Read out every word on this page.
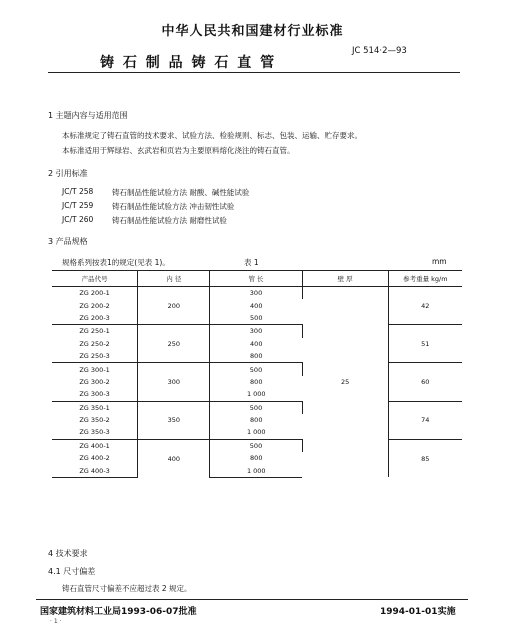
中华人民共和国建材行业标准
铸 石 制 品 铸 石 直 管
JC 514·2—93
1 主题内容与适用范围
本标准规定了铸石直管的技术要求、试验方法、检验规则、标志、包装、运输、贮存要求。
本标准适用于辉绿岩、玄武岩和页岩为主要原料熔化浇注的铸石直管。
2 引用标准
JC/T 258 铸石制品性能试验方法 耐酸、碱性能试验
JC/T 259 铸石制品性能试验方法 冲击韧性试验
JC/T 260 铸石制品性能试验方法 耐磨性试验
3 产品规格
规格系列按表1的规定(见表 1)。	表 1	mm
产品代号	内 径	管 长	壁 厚	参考重量 kg/m
ZG 200-1	200	300	25	42
ZG 200-2		400		
ZG 200-3		500		
ZG 250-1	250	300		51
ZG 250-2		400		
ZG 250-3		800		
ZG 300-1	300	500		60
ZG 300-2		800		
ZG 300-3		1 000		
ZG 350-1	350	500		74
ZG 350-2		800		
ZG 350-3		1 000		
ZG 400-1	400	500		85
ZG 400-2		800		
ZG 400-3		1 000		
4 技术要求
4.1 尺寸偏差
铸石直管尺寸偏差不应超过表 2 规定。
国家建筑材料工业局1993-06-07批准	1994-01-01实施
· 1 ·
